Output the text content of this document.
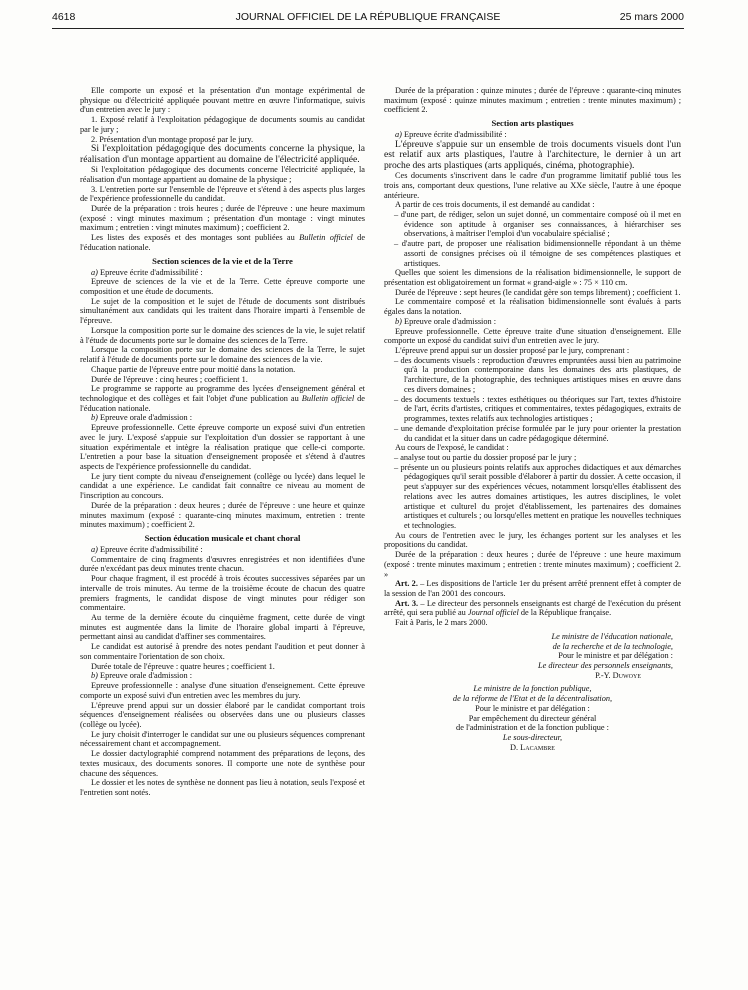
4618	JOURNAL OFFICIEL DE LA RÉPUBLIQUE FRANÇAISE	25 mars 2000

Elle comporte un exposé et la présentation d'un montage expérimental de physique ou d'électricité appliquée pouvant mettre en œuvre l'informatique, suivis d'un entretien avec le jury :

1. Exposé relatif à l'exploitation pédagogique de documents soumis au candidat par le jury ;

2. Présentation d'un montage proposé par le jury.

Si l'exploitation pédagogique des documents concerne la physique, la réalisation d'un montage appartient au domaine de l'électricité appliquée.

Si l'exploitation pédagogique des documents concerne l'électricité appliquée, la réalisation d'un montage appartient au domaine de la physique ;

3. L'entretien porte sur l'ensemble de l'épreuve et s'étend à des aspects plus larges de l'expérience professionnelle du candidat.

Durée de la préparation : trois heures ; durée de l'épreuve : une heure maximum (exposé : vingt minutes maximum ; présentation d'un montage : vingt minutes maximum ; entretien : vingt minutes maximum) ; coefficient 2.

Les listes des exposés et des montages sont publiées au Bulletin officiel de l'éducation nationale.

Section sciences de la vie et de la Terre

a) Epreuve écrite d'admissibilité :

Epreuve de sciences de la vie et de la Terre. Cette épreuve comporte une composition et une étude de documents.

Le sujet de la composition et le sujet de l'étude de documents sont distribués simultanément aux candidats qui les traitent dans l'horaire imparti à l'ensemble de l'épreuve.

Lorsque la composition porte sur le domaine des sciences de la vie, le sujet relatif à l'étude de documents porte sur le domaine des sciences de la Terre.

Lorsque la composition porte sur le domaine des sciences de la Terre, le sujet relatif à l'étude de documents porte sur le domaine des sciences de la vie.

Chaque partie de l'épreuve entre pour moitié dans la notation.

Durée de l'épreuve : cinq heures ; coefficient 1.

Le programme se rapporte au programme des lycées d'enseignement général et technologique et des collèges et fait l'objet d'une publication au Bulletin officiel de l'éducation nationale.

b) Epreuve orale d'admission :

Epreuve professionnelle. Cette épreuve comporte un exposé suivi d'un entretien avec le jury. L'exposé s'appuie sur l'exploitation d'un dossier se rapportant à une situation expérimentale et intègre la réalisation pratique que celle-ci comporte. L'entretien a pour base la situation d'enseignement proposée et s'étend à d'autres aspects de l'expérience professionnelle du candidat.

Le jury tient compte du niveau d'enseignement (collège ou lycée) dans lequel le candidat a une expérience. Le candidat fait connaître ce niveau au moment de l'inscription au concours.

Durée de la préparation : deux heures ; durée de l'épreuve : une heure et quinze minutes maximum (exposé : quarante-cinq minutes maximum, entretien : trente minutes maximum) ; coefficient 2.

Section éducation musicale et chant choral

a) Epreuve écrite d'admissibilité :

Commentaire de cinq fragments d'œuvres enregistrées et non identifiées d'une durée n'excédant pas deux minutes trente chacun.

Pour chaque fragment, il est procédé à trois écoutes successives séparées par un intervalle de trois minutes. Au terme de la troisième écoute de chacun des quatre premiers fragments, le candidat dispose de vingt minutes pour rédiger son commentaire.

Au terme de la dernière écoute du cinquième fragment, cette durée de vingt minutes est augmentée dans la limite de l'horaire global imparti à l'épreuve, permettant ainsi au candidat d'affiner ses commentaires.

Le candidat est autorisé à prendre des notes pendant l'audition et peut donner à son commentaire l'orientation de son choix.

Durée totale de l'épreuve : quatre heures ; coefficient 1.

b) Epreuve orale d'admission :

Epreuve professionnelle : analyse d'une situation d'enseignement. Cette épreuve comporte un exposé suivi d'un entretien avec les membres du jury.

L'épreuve prend appui sur un dossier élaboré par le candidat comportant trois séquences d'enseignement réalisées ou observées dans une ou plusieurs classes (collège ou lycée).

Le jury choisit d'interroger le candidat sur une ou plusieurs séquences comprenant nécessairement chant et accompagnement.

Le dossier dactylographié comprend notamment des préparations de leçons, des textes musicaux, des documents sonores. Il comporte une note de synthèse pour chacune des séquences.

Le dossier et les notes de synthèse ne donnent pas lieu à notation, seuls l'exposé et l'entretien sont notés.

Durée de la préparation : quinze minutes ; durée de l'épreuve : quarante-cinq minutes maximum (exposé : quinze minutes maximum ; entretien : trente minutes maximum) ; coefficient 2.

Section arts plastiques

a) Epreuve écrite d'admissibilité :

L'épreuve s'appuie sur un ensemble de trois documents visuels dont l'un est relatif aux arts plastiques, l'autre à l'architecture, le dernier à un art proche des arts plastiques (arts appliqués, cinéma, photographie).

Ces documents s'inscrivent dans le cadre d'un programme limitatif publié tous les trois ans, comportant deux questions, l'une relative au XXe siècle, l'autre à une époque antérieure.

A partir de ces trois documents, il est demandé au candidat :

– d'une part, de rédiger, selon un sujet donné, un commentaire composé où il met en évidence son aptitude à organiser ses connaissances, à hiérarchiser ses observations, à maîtriser l'emploi d'un vocabulaire spécialisé ;

– d'autre part, de proposer une réalisation bidimensionnelle répondant à un thème assorti de consignes précises où il témoigne de ses compétences plastiques et artistiques.

Quelles que soient les dimensions de la réalisation bidimensionnelle, le support de présentation est obligatoirement un format « grand-aigle » : 75 × 110 cm.

Durée de l'épreuve : sept heures (le candidat gère son temps librement) ; coefficient 1.

Le commentaire composé et la réalisation bidimensionnelle sont évalués à parts égales dans la notation.

b) Epreuve orale d'admission :

Epreuve professionnelle. Cette épreuve traite d'une situation d'enseignement. Elle comporte un exposé du candidat suivi d'un entretien avec le jury.

L'épreuve prend appui sur un dossier proposé par le jury, comprenant :

– des documents visuels : reproduction d'œuvres empruntées aussi bien au patrimoine qu'à la production contemporaine dans les domaines des arts plastiques, de l'architecture, de la photographie, des techniques artistiques mises en œuvre dans ces divers domaines ;

– des documents textuels : textes esthétiques ou théoriques sur l'art, textes d'histoire de l'art, écrits d'artistes, critiques et commentaires, textes pédagogiques, extraits de programmes, textes relatifs aux technologies artistiques ;

– une demande d'exploitation précise formulée par le jury pour orienter la prestation du candidat et la situer dans un cadre pédagogique déterminé.

Au cours de l'exposé, le candidat :

– analyse tout ou partie du dossier proposé par le jury ;

– présente un ou plusieurs points relatifs aux approches didactiques et aux démarches pédagogiques qu'il serait possible d'élaborer à partir du dossier. A cette occasion, il peut s'appuyer sur des expériences vécues, notamment lorsqu'elles établissent des relations avec les autres domaines artistiques, les autres disciplines, le volet artistique et culturel du projet d'établissement, les partenaires des domaines artistiques et culturels ; ou lorsqu'elles mettent en pratique les nouvelles techniques et technologies.

Au cours de l'entretien avec le jury, les échanges portent sur les analyses et les propositions du candidat.

Durée de la préparation : deux heures ; durée de l'épreuve : une heure maximum (exposé : trente minutes maximum ; entretien : trente minutes maximum) ; coefficient 2. »

Art. 2. – Les dispositions de l'article 1er du présent arrêté prennent effet à compter de la session de l'an 2001 des concours.

Art. 3. – Le directeur des personnels enseignants est chargé de l'exécution du présent arrêté, qui sera publié au Journal officiel de la République française.

Fait à Paris, le 2 mars 2000.

Le ministre de l'éducation nationale,

de la recherche et de la technologie,

Pour le ministre et par délégation :

Le directeur des personnels enseignants,

P.-Y. Duwoye

Le ministre de la fonction publique,

de la réforme de l'Etat et de la décentralisation,

Pour le ministre et par délégation :

Par empêchement du directeur général

de l'administration et de la fonction publique :

Le sous-directeur,

D. Lacambre
